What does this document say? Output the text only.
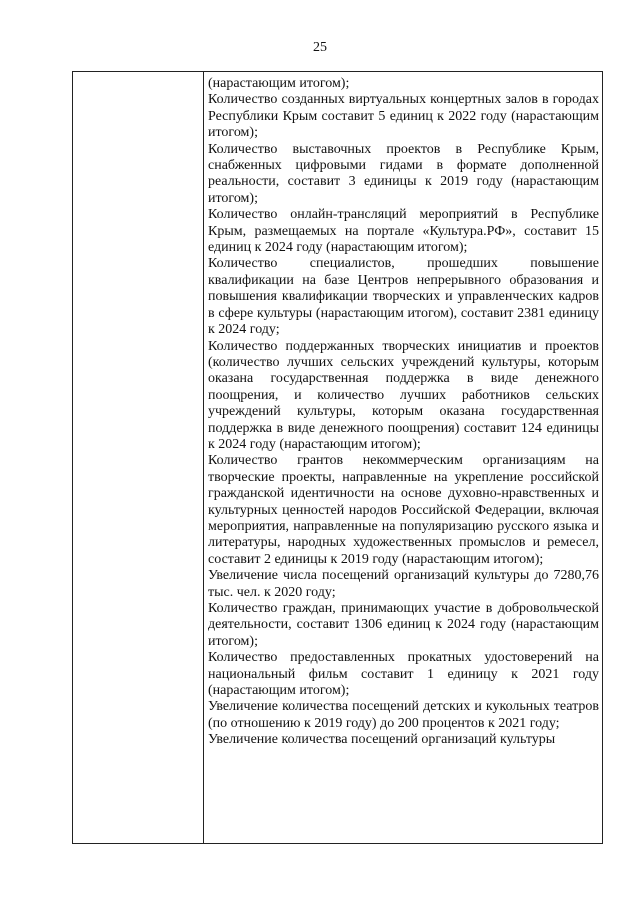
25

(нарастающим итогом);

Количество созданных виртуальных концертных залов в городах Республики Крым составит 5 единиц к 2022 году (нарастающим итогом);

Количество выставочных проектов в Республике Крым, снабженных цифровыми гидами в формате дополненной реальности, составит 3 единицы к 2019 году (нарастающим итогом);

Количество онлайн-трансляций мероприятий в Республике Крым, размещаемых на портале «Культура.РФ», составит 15 единиц к 2024 году (нарастающим итогом);

Количество специалистов, прошедших повышение квалификации на базе Центров непрерывного образования и повышения квалификации творческих и управленческих кадров в сфере культуры (нарастающим итогом), составит 2381 единицу к 2024 году;

Количество поддержанных творческих инициатив и проектов (количество лучших сельских учреждений культуры, которым оказана государственная поддержка в виде денежного поощрения, и количество лучших работников сельских учреждений культуры, которым оказана государственная поддержка в виде денежного поощрения) составит 124 единицы к 2024 году (нарастающим итогом);

Количество грантов некоммерческим организациям на творческие проекты, направленные на укрепление российской гражданской идентичности на основе духовно-нравственных и культурных ценностей народов Российской Федерации, включая мероприятия, направленные на популяризацию русского языка и литературы, народных художественных промыслов и ремесел, составит 2 единицы к 2019 году (нарастающим итогом);

Увеличение числа посещений организаций культуры до 7280,76 тыс. чел. к 2020 году;

Количество граждан, принимающих участие в добровольческой деятельности, составит 1306 единиц к 2024 году (нарастающим итогом);

Количество предоставленных прокатных удостоверений на национальный фильм составит 1 единицу к 2021 году (нарастающим итогом);

Увеличение количества посещений детских и кукольных театров (по отношению к 2019 году) до 200 процентов к 2021 году;

Увеличение количества посещений организаций культуры
